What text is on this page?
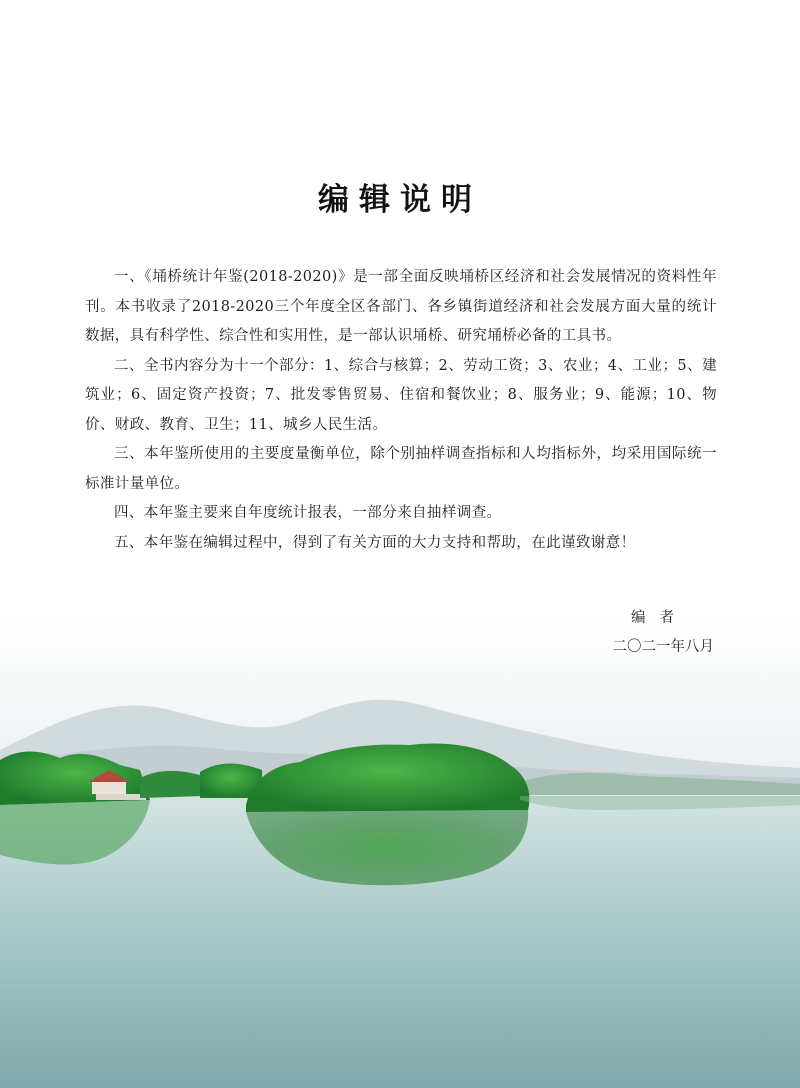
编辑说明

一、《埇桥统计年鉴(2018-2020)》是一部全面反映埇桥区经济和社会发展情况的资料性年刊。本书收录了2018-2020三个年度全区各部门、各乡镇街道经济和社会发展方面大量的统计数据，具有科学性、综合性和实用性，是一部认识埇桥、研究埇桥必备的工具书。

二、全书内容分为十一个部分：1、综合与核算；2、劳动工资；3、农业；4、工业；5、建筑业；6、固定资产投资；7、批发零售贸易、住宿和餐饮业；8、服务业；9、能源；10、物价、财政、教育、卫生；11、城乡人民生活。

三、本年鉴所使用的主要度量衡单位，除个别抽样调查指标和人均指标外，均采用国际统一标准计量单位。

四、本年鉴主要来自年度统计报表，一部分来自抽样调查。

五、本年鉴在编辑过程中，得到了有关方面的大力支持和帮助，在此谨致谢意！

编者
二〇二一年八月
